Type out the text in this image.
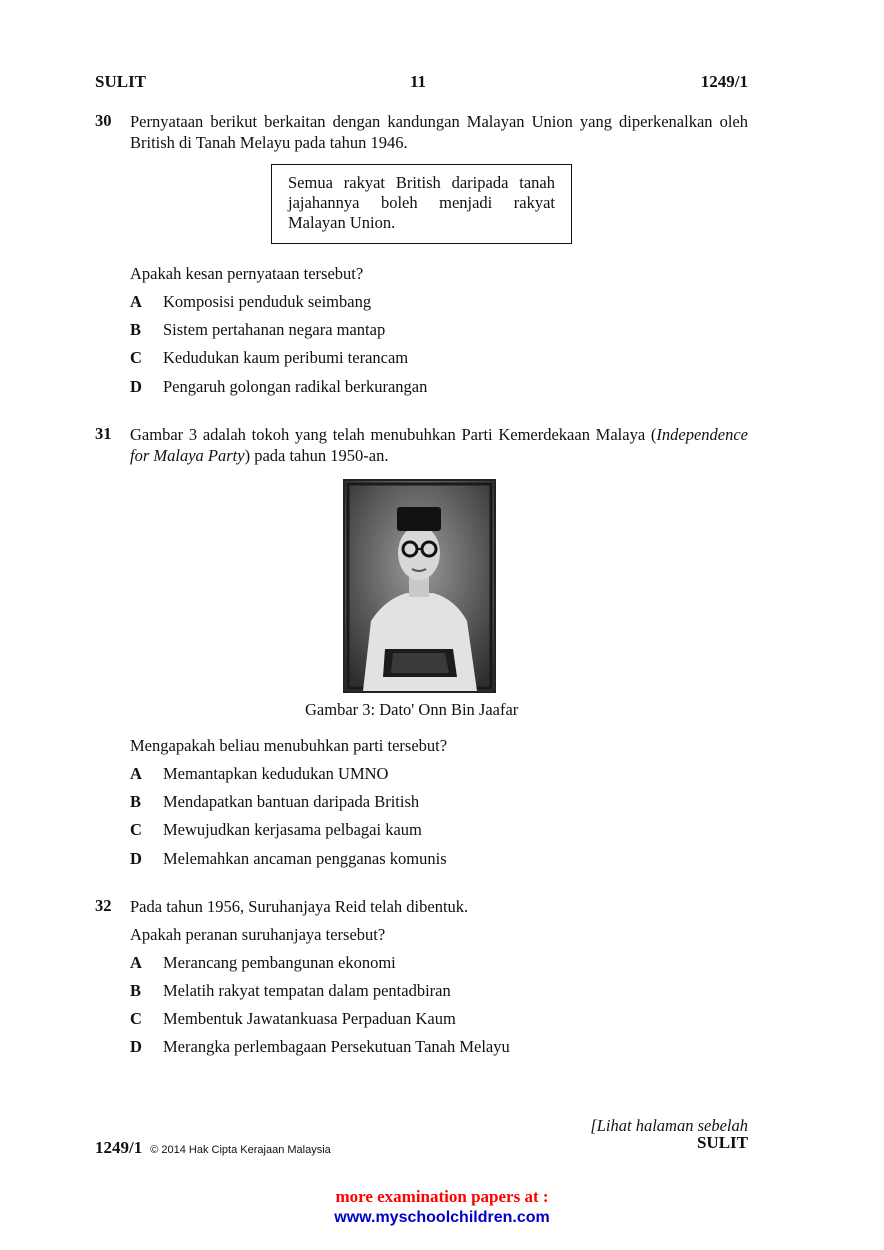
SULIT	11	1249/1
30 Pernyataan berikut berkaitan dengan kandungan Malayan Union yang diperkenalkan oleh British di Tanah Melayu pada tahun 1946.
Semua rakyat British daripada tanah jajahannya boleh menjadi rakyat Malayan Union.
Apakah kesan pernyataan tersebut?
A Komposisi penduduk seimbang
B Sistem pertahanan negara mantap
C Kedudukan kaum peribumi terancam
D Pengaruh golongan radikal berkurangan
31 Gambar 3 adalah tokoh yang telah menubuhkan Parti Kemerdekaan Malaya (Independence for Malaya Party) pada tahun 1950-an.
Gambar 3: Dato' Onn Bin Jaafar
Mengapakah beliau menubuhkan parti tersebut?
A Memantapkan kedudukan UMNO
B Mendapatkan bantuan daripada British
C Mewujudkan kerjasama pelbagai kaum
D Melemahkan ancaman pengganas komunis
32 Pada tahun 1956, Suruhanjaya Reid telah dibentuk.
Apakah peranan suruhanjaya tersebut?
A Merancang pembangunan ekonomi
B Melatih rakyat tempatan dalam pentadbiran
C Membentuk Jawatankuasa Perpaduan Kaum
D Merangka perlembagaan Persekutuan Tanah Melayu
[Lihat halaman sebelah
SULIT
1249/1 © 2014 Hak Cipta Kerajaan Malaysia
more examination papers at :
www.myschoolchildren.com
